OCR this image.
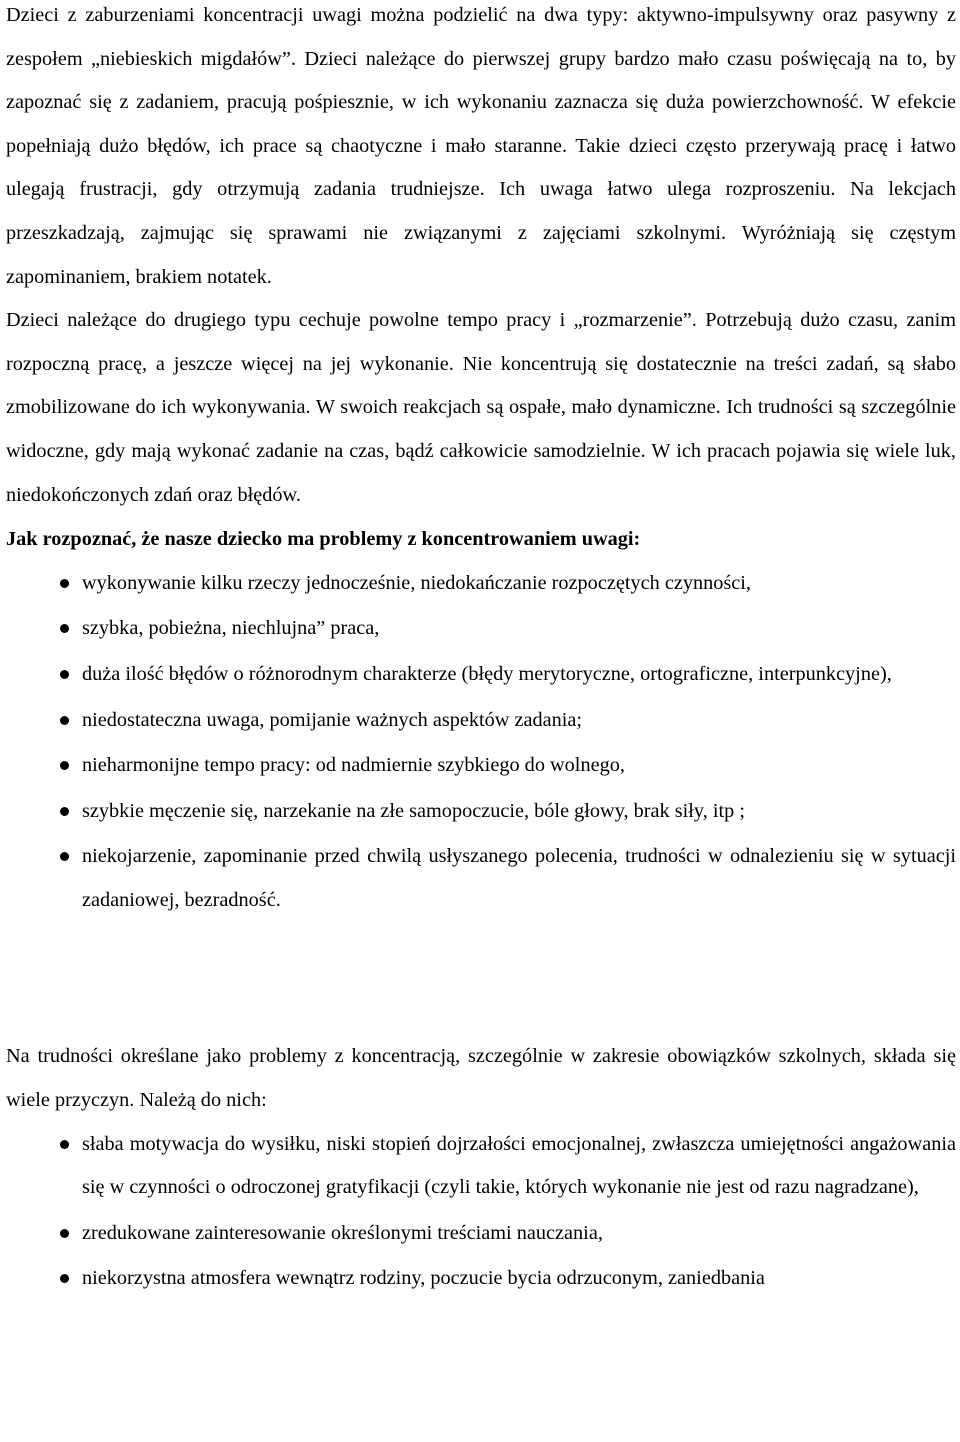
Dzieci z zaburzeniami koncentracji uwagi można podzielić na dwa typy: aktywno-impulsywny oraz pasywny z zespołem „niebieskich migdałów”. Dzieci należące do pierwszej grupy bardzo mało czasu poświęcają na to, by zapoznać się z zadaniem, pracują pośpiesznie, w ich wykonaniu zaznacza się duża powierzchowność. W efekcie popełniają dużo błędów, ich prace są chaotyczne i mało staranne. Takie dzieci często przerywają pracę i łatwo ulegają frustracji, gdy otrzymują zadania trudniejsze. Ich uwaga łatwo ulega rozproszeniu. Na lekcjach przeszkadzają, zajmując się sprawami nie związanymi z zajęciami szkolnymi. Wyróżniają się częstym zapominaniem, brakiem notatek.

Dzieci należące do drugiego typu cechuje powolne tempo pracy i „rozmarzenie”. Potrzebują dużo czasu, zanim rozpoczną pracę, a jeszcze więcej na jej wykonanie. Nie koncentrują się dostatecznie na treści zadań, są słabo zmobilizowane do ich wykonywania. W swoich reakcjach są ospałe, mało dynamiczne. Ich trudności są szczególnie widoczne, gdy mają wykonać zadanie na czas, bądź całkowicie samodzielnie. W ich pracach pojawia się wiele luk, niedokończonych zdań oraz błędów.

Jak rozpoznać, że nasze dziecko ma problemy z koncentrowaniem uwagi:

wykonywanie kilku rzeczy jednocześnie, niedokańczanie rozpoczętych czynności,
szybka, pobieżna, niechlujna” praca,
duża ilość błędów o różnorodnym charakterze (błędy merytoryczne, ortograficzne, interpunkcyjne),
niedostateczna uwaga, pomijanie ważnych aspektów zadania;
nieharmonijne tempo pracy: od nadmiernie szybkiego do wolnego,
szybkie męczenie się, narzekanie na złe samopoczucie, bóle głowy, brak siły, itp ;
niekojarzenie, zapominanie przed chwilą usłyszanego polecenia, trudności w odnalezieniu się w sytuacji zadaniowej, bezradność.

Na trudności określane jako problemy z koncentracją, szczególnie w zakresie obowiązków szkolnych, składa się wiele przyczyn. Należą do nich:

słaba motywacja do wysiłku, niski stopień dojrzałości emocjonalnej, zwłaszcza umiejętności angażowania się w czynności o odroczonej gratyfikacji (czyli takie, których wykonanie nie jest od razu nagradzane),
zredukowane zainteresowanie określonymi treściami nauczania,
niekorzystna atmosfera wewnątrz rodziny, poczucie bycia odrzuconym, zaniedbania
